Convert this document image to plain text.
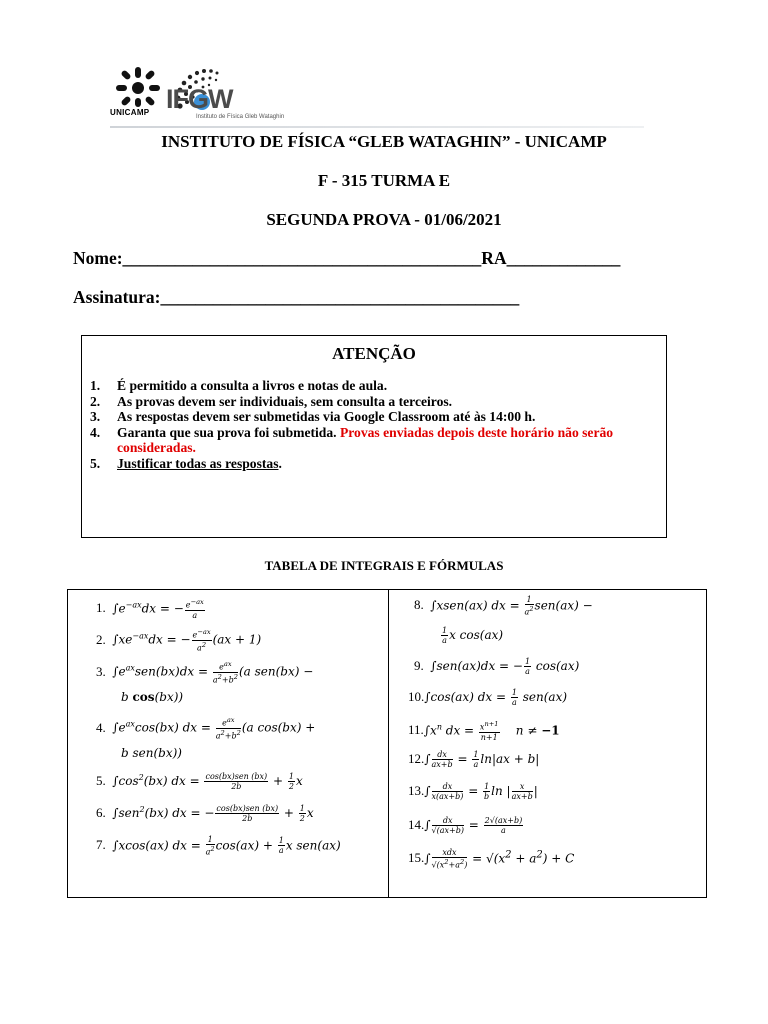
UNICAMP IFGW
Instituto de Física Gleb Wataghin
INSTITUTO DE FÍSICA “GLEB WATAGHIN” - UNICAMP
F - 315 TURMA E
SEGUNDA PROVA - 01/06/2021
Nome:_________________________________________RA_____________
Assinatura:_________________________________________
ATENÇÃO
1.	É permitido a consulta a livros e notas de aula.
2.	As provas devem ser individuais, sem consulta a terceiros.
3.	As respostas devem ser submetidas via Google Classroom até às 14:00 h.
4.	Garanta que sua prova foi submetida. Provas enviadas depois deste horário não serão consideradas.
5.	Justificar todas as respostas.
TABELA DE INTEGRAIS E FÓRMULAS
1.  $\int e^{-ax}dx$ = − $\frac{e^{-ax}}{a}$
2.  $\int xe^{-ax}dx$ = − $\frac{e^{-ax}}{a^2} (ax + 1)$
3.  $\int e^{ax}sen(bx)dx = e^{ax}$
$a^2+b^2$ (a sen(bx) −
b cos(bx))
4.  $\int e^{ax}\cos(bx)$ dx = $e^{ax}$
$a^2+b^2$ (a cos(bx) +
b sen(bx))
5.  $\int\cos^2(bx)$ dx = cos(bx)sen (bx)
2b	+ $\frac{1}{2}$ x
6.  ∫sen$^2$(bx) dx = − cos(bx)sen (bx)
2b	+ $\frac{1}{2}$ x
7.  ∫xcos(ax) dx = $\frac{1}{a^2} \cos(ax) + \frac{1}{a}$ x sen(ax)
8.  ∫xsen(ax) dx = $\frac{1}{a^2} sen(ax)$ −
$\frac{1}{a}$ x cos(ax)
9.  ∫sen(ax)dx = − $\frac{1}{a} \cos(ax)$
10.∫cos(ax) dx = $\frac{1}{a} sen(ax)$
$11.\int x^n$ dx = $\frac{x^{n+1}}{n+1}$ n ≠ −1
$12.\int \frac{dx}{ax+b} = \frac{1}{a} \ln|ax + b|$
$13.\int \frac{dx}{x(ax+b)} = \frac{1}{b}$ ln | $\frac{x}{ax+b}$ |
$14.\int \frac{dx}{√(ax+b)} = \frac{2√(ax+b)}{a}$
15.∫	xdx
$√(x^2+a^2) = √(x^2 + a^2) + C$
